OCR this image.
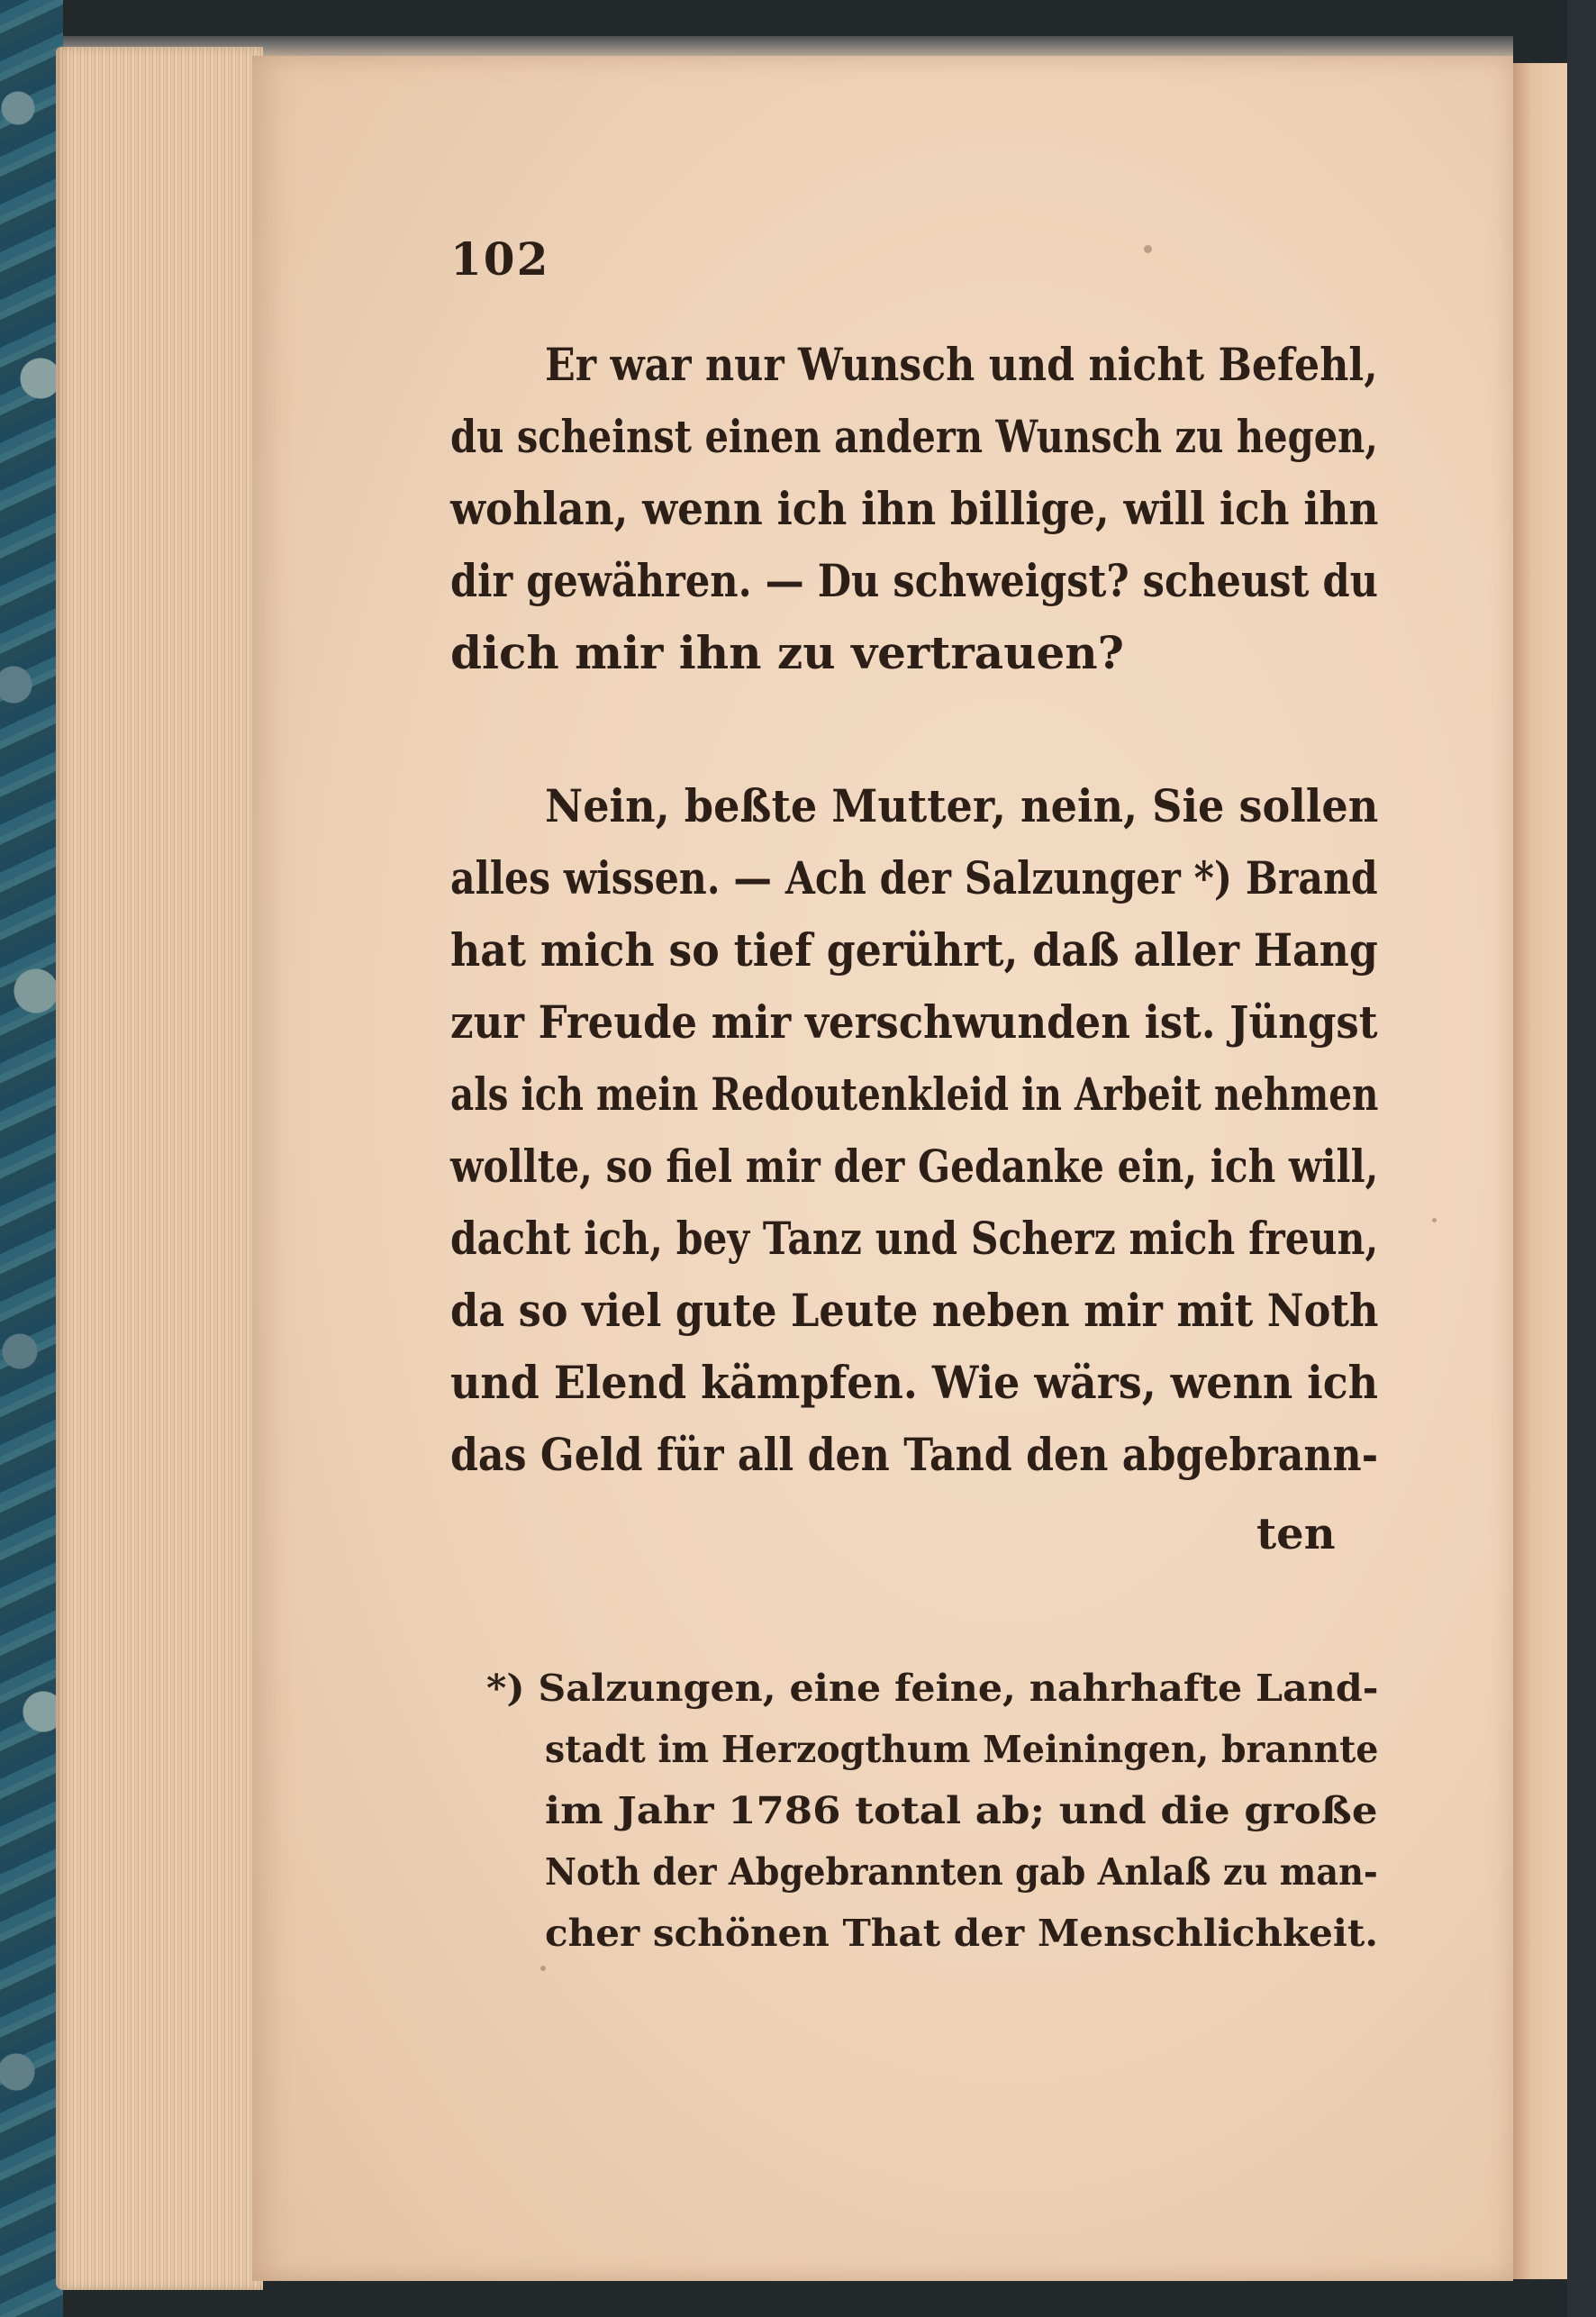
102
Er war nur Wunsch und nicht Befehl,
du scheinst einen andern Wunsch zu hegen,
wohlan, wenn ich ihn billige, will ich ihn
dir gewähren. — Du schweigst? scheust du
dich mir ihn zu vertrauen?
Nein, beßte Mutter, nein, Sie sollen
alles wissen. — Ach der Salzunger *) Brand
hat mich so tief gerührt, daß aller Hang
zur Freude mir verschwunden ist. Jüngst
als ich mein Redoutenkleid in Arbeit nehmen
wollte, so fiel mir der Gedanke ein, ich will,
dacht ich, bey Tanz und Scherz mich freun,
da so viel gute Leute neben mir mit Noth
und Elend kämpfen. Wie wärs, wenn ich
das Geld für all den Tand den abgebrann-
ten
*) Salzungen, eine feine, nahrhafte Land-
stadt im Herzogthum Meiningen, brannte
im Jahr 1786 total ab; und die große
Noth der Abgebrannten gab Anlaß zu man-
cher schönen That der Menschlichkeit.
